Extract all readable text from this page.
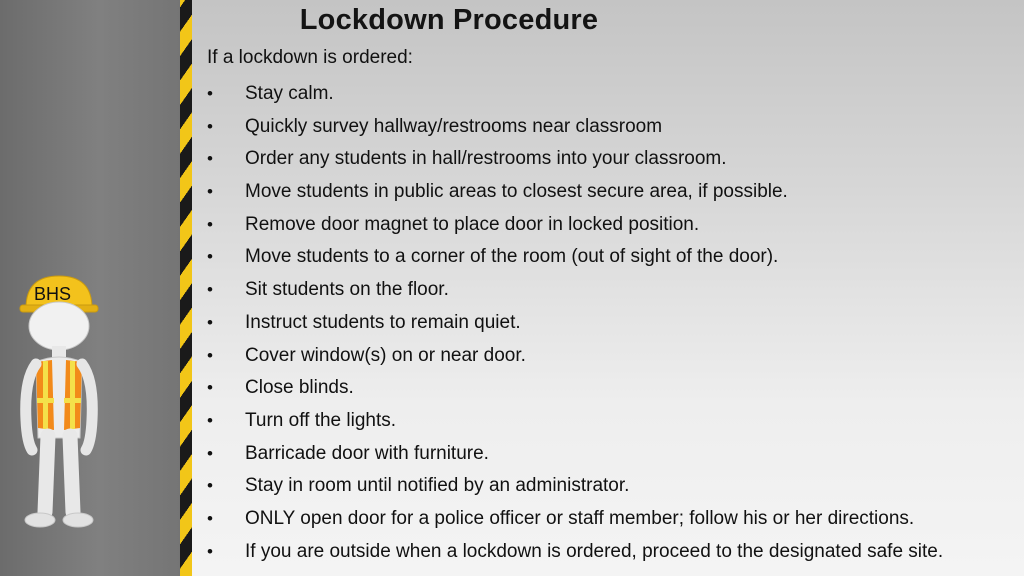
Lockdown Procedure

If a lockdown is ordered:

•	Stay calm.
•	Quickly survey hallway/restrooms near classroom
•	Order any students in hall/restrooms into your classroom.
•	Move students in public areas to closest secure area, if possible.
•	Remove door magnet to place door in locked position.
•	Move students to a corner of the room (out of sight of the door).
•	Sit students on the floor.
•	Instruct students to remain quiet.
•	Cover window(s) on or near door.
•	Close blinds.
•	Turn off the lights.
•	Barricade door with furniture.
•	Stay in room until notified by an administrator.
•	ONLY open door for a police officer or staff member; follow his or her directions.
•	If you are outside when a lockdown is ordered, proceed to the designated safe site.
BHS
